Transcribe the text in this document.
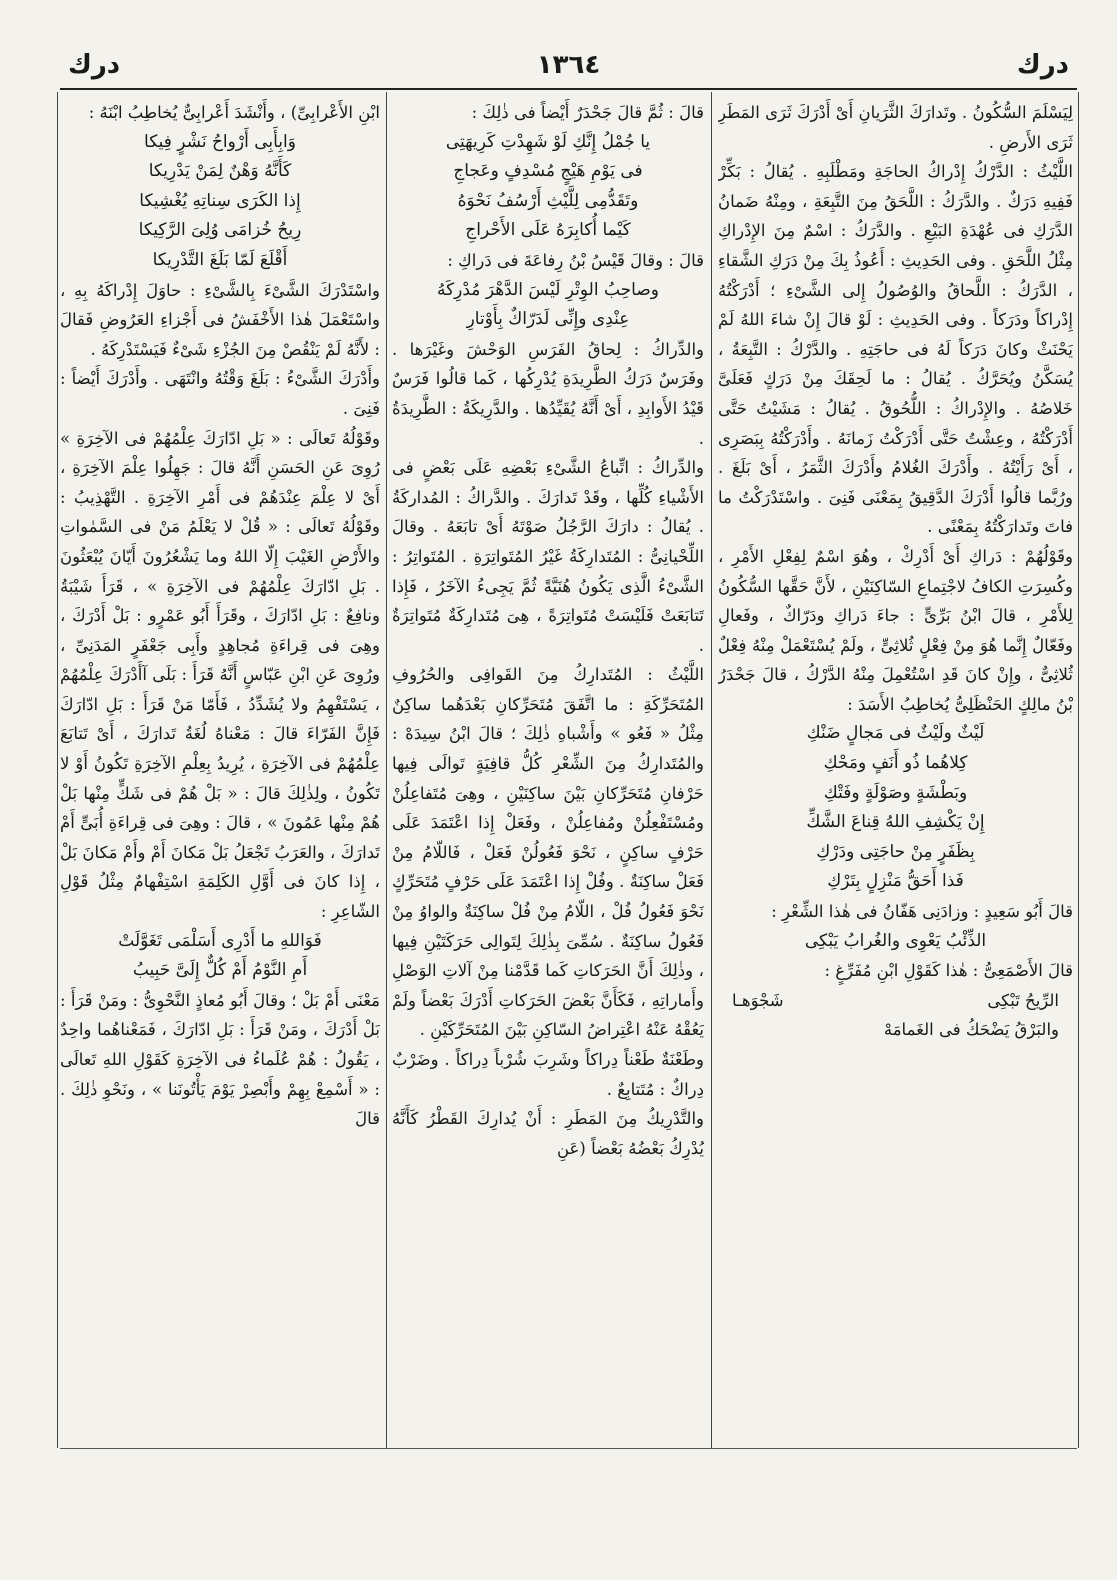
درك
١٣٦٤
درك

لِيَسْلَمَ السُّكُونُ . وتَدارَكَ الثَّرَيانِ أَىْ أَدْرَكَ ثَرَى المَطَرِ ثَرَى الأَرضِ .

اللَّيْثُ : الدَّرْكُ إِدْراكُ الحاجَةِ ومَطْلَبِهِ . يُقالُ : بَكِّرْ فَفِيهِ دَرَكٌ . والدَّرَكُ : اللَّحَقُ مِنَ التَّبِعَةِ ، ومِنْهُ ضَمانُ الدَّرَكِ فى عُهْدَةِ البَيْعِ . والدَّرَكُ : اسْمٌ مِنَ الإِدْراكِ مِثْلُ اللَّحَقِ . وفى الحَدِيثِ : أَعُوذُ بِكَ مِنْ دَرَكِ الشَّقاءِ ، الدَّرَكُ : اللَّحاقُ والوُصُولُ إِلى الشَّىْءِ ؛ أَدْرَكْتُهُ إِدْراكاً ودَرَكاً . وفى الحَدِيثِ : لَوْ قالَ إِنْ شاءَ اللهُ لَمْ يَحْنَثْ وكانَ دَرَكاً لَهُ فى حاجَتِهِ . والدَّرْكُ : التَّبِعَةُ ، يُسَكَّنُ ويُحَرَّكُ . يُقالُ : ما لَحِقَكَ مِنْ دَرَكٍ فَعَلَىَّ خَلاصُهُ . والإِدْراكُ : اللُّحُوقُ . يُقالُ : مَشَيْتُ حَتَّى أَدْرَكْتُهُ ، وعِشْتُ حَتَّى أَدْرَكْتُ زَمانَهُ . وأَدْرَكْتُهُ بِبَصَرِى ، أَىْ رَأَيْتُهُ . وأَدْرَكَ الغُلامُ وأَدْرَكَ الثَّمَرُ ، أَىْ بَلَغَ . ورُبَّما قالُوا أَدْرَكَ الدَّقِيقُ بِمَعْنَى فَنِىَ . واسْتَدْرَكْتُ ما فاتَ وتَدارَكْتُهُ بِمَعْنًى .

وقَوْلُهُمْ : دَراكِ أَىْ أَدْرِكْ ، وهُوَ اسْمٌ لِفِعْلِ الأَمْرِ ، وكُسِرَتِ الكافُ لاجْتِماعِ السّاكِنَيْنِ ، لأَنَّ حَقَّها السُّكُونُ لِلأَمْرِ ، قالَ ابْنُ بَرِّىٍّ : جاءَ دَراكِ ودَرّاكٌ ، وفَعالِ وفَعّالٌ إِنَّما هُوَ مِنْ فِعْلٍ ثُلاثِىٍّ ، ولَمْ يُسْتَعْمَلْ مِنْهُ فِعْلٌ ثُلاثِىٌّ ، وإِنْ كانَ قَدِ اسْتُعْمِلَ مِنْهُ الدَّرْكُ ، قالَ جَحْدَرُ بْنُ مالِكٍ الحَنْظَلِىُّ يُخاطِبُ الأَسَدَ :

لَيْثٌ ولَيْثٌ فى مَجالٍ ضَنْكِ

كِلاهُما ذُو أَنَفٍ ومَحْكِ

وبَطْشَةٍ وصَوْلَةٍ وفَتْكِ

إِنْ يَكْشِفِ اللهُ قِناعَ الشَّكِّ

بِظَفَرٍ مِنْ حاجَتِى ودَرْكِ

فَذا أَحَقُّ مَنْزِلٍ بِتَرْكِ

قالَ أَبُو سَعِيدٍ : وزادَنِى هَفّانُ فى هٰذا الشِّعْرِ :

الذِّئْبُ يَعْوِى والغُرابُ يَبْكِى

قالَ الأَصْمَعِىُّ : هٰذا كَقَوْلِ ابْنِ مُفَرِّغٍ :

الرِّيحُ تَبْكِى
شَجْوَهـا
والبَرْقُ يَضْحَكُ فى الغَمامَهْ

قالَ : ثُمَّ قالَ جَحْدَرٌ أَيْضاً فى ذٰلِكَ :

يا جُمْلُ إِنَّكِ لَوْ شَهِدْتِ كَرِيهَتِى

فى يَوْمِ هَيْجٍ مُسْدِفٍ وعَجاجِ

وتَقَدُّمِى لِلَّيْثِ أَرْسُفُ نَحْوَهُ

كَيْما أُكابِرَهُ عَلَى الأَحْراجِ

قالَ : وقالَ قَيْسُ بْنُ رِفاعَةَ فى دَراكِ :

وصاحِبُ الوِتْرِ لَيْسَ الدَّهْرَ مُدْرِكَهُ

عِنْدِى وإِنِّى لَدَرّاكٌ بِأَوْتارِ

والدِّراكُ : لِحاقُ الفَرَسِ الوَحْشَ وغَيْرَها . وفَرَسٌ دَرَكُ الطَّرِيدَةِ يُدْرِكُها ، كَما قالُوا فَرَسٌ قَيْدُ الأَوابِدِ ، أَىْ أَنَّهُ يُقَيِّدُها . والدَّرِيكَةُ : الطَّرِيدَةُ .

والدِّراكُ : اتِّباعُ الشَّىْءِ بَعْضِهِ عَلَى بَعْضٍ فى الأَشْياءِ كُلِّها ، وقَدْ تَدارَكَ . والدَّراكُ : المُداركَةُ . يُقالُ : دارَكَ الرَّجُلُ صَوْتَهُ أَىْ تابَعَهُ . وقالَ اللِّحْيانِىُّ : المُتَدارِكَةُ غَيْرُ المُتَواتِرَةِ . المُتَواتِرُ : الشَّىْءُ الَّذِى يَكُونُ هُنَيَّةً ثُمَّ يَجِىءُ الآخَرُ ، فَإِذا تَتابَعَتْ فَلَيْسَتْ مُتَواتِرَةً ، هِىَ مُتَدارِكَةٌ مُتَواتِرَةٌ .

اللَّيْثُ : المُتَدارِكُ مِنَ القَوافِى والحُرُوفِ المُتَحَرِّكَةِ : ما اتَّفَقَ مُتَحَرِّكانِ بَعْدَهُما ساكِنٌ مِثْلُ « فَعُو » وأَشْباهِ ذٰلِكَ ؛ قالَ ابْنُ سِيدَهْ : والمُتَدارِكُ مِنَ الشِّعْرِ كُلُّ قافِيَةٍ تَوالَى فِيها حَرْفانِ مُتَحَرِّكانِ بَيْنَ ساكِنَيْنِ ، وهِىَ مُتَفاعِلُنْ ومُسْتَفْعِلُنْ ومُفاعِلُنْ ، وفَعَلْ إِذا اعْتَمَدَ عَلَى حَرْفٍ ساكِنٍ ، نَحْوَ فَعُولُنْ فَعَلْ ، فَاللّامُ مِنْ فَعَلْ ساكِنَةٌ . وفُلْ إِذا اعْتَمَدَ عَلَى حَرْفٍ مُتَحَرِّكٍ نَحْوَ فَعُولُ فُلْ ، اللّامُ مِنْ فُلْ ساكِنَةٌ والواوُ مِنْ فَعُولُ ساكِنَةٌ . سُمِّىَ بِذٰلِكَ لِتَوالِى حَرَكَتَيْنِ فِيها ، وذٰلِكَ أَنَّ الحَرَكاتِ كَما قَدَّمْنا مِنْ آلاتِ الوَصْلِ وأَماراتِهِ ، فَكَأَنَّ بَعْضَ الحَرَكاتِ أَدْرَكَ بَعْضاً ولَمْ يَعُقْهُ عَنْهُ اعْتِراضُ السّاكِنِ بَيْنَ المُتَحَرِّكَيْنِ .

وطَعْنَةٌ طَعْناً دِراكاً وشَرِبَ شُرْباً دِراكاً . وضَرْبٌ دِراكٌ : مُتَتابِعٌ .

والتَّدْرِيكُ مِنَ المَطَرِ : أَنْ يُدارِكَ القَطْرُ كَأَنَّهُ يُدْرِكُ بَعْضُهُ بَعْضاً (عَنِ

ابْنِ الأَعْرابِىِّ) ، وأَنْشَدَ أَعْرابِىٌّ يُخاطِبُ ابْنَهُ :

وَابِأَبِى أَرْواحُ نَشْرٍ فِيكا

كَأَنَّهُ وَهْنٌ لِمَنْ يَدْرِيكا

إِذا الكَرَى سِناتِهِ يُغْشِيكا

رِيحُ خُزامَى وُلِىَ الرَّكِيكا

أَقْلَعَ لَمّا بَلَغَ التَّدْرِيكا

واسْتَدْرَكَ الشَّىْءَ بِالشَّىْءِ : حاوَلَ إِدْراكَهُ بِهِ ، واسْتَعْمَلَ هٰذا الأَخْفَشُ فى أَجْزاءِ العَرُوضِ فَقالَ : لأَنَّهُ لَمْ يَنْقُصْ مِنَ الجُزْءِ شَىْءٌ فَيَسْتَدْرِكَهُ .

وأَدْرَكَ الشَّىْءُ : بَلَغَ وَقْتُهُ وانْتَهَى . وأَدْرَكَ أَيْضاً : فَنِىَ .

وقَوْلُهُ تَعالَى : « بَلِ ادّارَكَ عِلْمُهُمْ فى الآخِرَةِ » رُوِىَ عَنِ الحَسَنِ أَنَّهُ قالَ : جَهِلُوا عِلْمَ الآخِرَةِ ، أَىْ لا عِلْمَ عِنْدَهُمْ فى أَمْرِ الآخِرَةِ . التَّهْذِيبُ : وقَوْلُهُ تَعالَى : « قُلْ لا يَعْلَمُ مَنْ فى السَّمٰواتِ والأَرْضِ الغَيْبَ إِلّا اللهُ وما يَشْعُرُونَ أَيّانَ يُبْعَثُونَ . بَلِ ادّارَكَ عِلْمُهُمْ فى الآخِرَةِ » ، قَرَأَ شَيْبَةُ ونافِعٌ : بَلِ ادّارَكَ ، وقَرَأَ أَبُو عَمْرٍو : بَلْ أَدْرَكَ ، وهِىَ فى قِراءَةِ مُجاهِدٍ وأَبِى جَعْفَرٍ المَدَنِىِّ ، ورُوِىَ عَنِ ابْنِ عَبّاسٍ أَنَّهُ قَرَأَ : بَلَى آأَدْرَكَ عِلْمُهُمْ ، يَسْتَفْهِمُ ولا يُشَدِّدُ ، فَأَمّا مَنْ قَرَأَ : بَلِ ادّارَكَ فَإِنَّ الفَرّاءَ قالَ : مَعْناهُ لُغَةُ تَدارَكَ ، أَىْ تَتابَعَ عِلْمُهُمْ فى الآخِرَةِ ، يُرِيدُ بِعِلْمِ الآخِرَةِ تَكُونُ أَوْ لا تَكُونُ ، ولِذٰلِكَ قالَ : « بَلْ هُمْ فى شَكٍّ مِنْها بَلْ هُمْ مِنْها عَمُونَ » ، قالَ : وهِىَ فى قِراءَةِ أُبَىٍّ أَمْ تَدارَكَ ، والعَرَبُ تَجْعَلُ بَلْ مَكانَ أَمْ وأَمْ مَكانَ بَلْ ، إِذا كانَ فى أَوَّلِ الكَلِمَةِ اسْتِفْهامٌ مِثْلُ قَوْلِ الشّاعِرِ :

فَوَاللهِ ما أَدْرِى أَسَلْمَى تَغَوَّلَتْ

أَمِ النَّوْمُ أَمْ كُلٌّ إِلَىَّ حَبِيبُ

مَعْنَى أَمْ بَلْ ؛ وقالَ أَبُو مُعاذٍ النَّحْوِىُّ : ومَنْ قَرَأَ : بَلْ أَدْرَكَ ، ومَنْ قَرَأَ : بَلِ ادّارَكَ ، فَمَعْناهُما واحِدٌ ، يَقُولُ : هُمْ عُلَماءُ فى الآخِرَةِ كَقَوْلِ اللهِ تَعالَى : « أَسْمِعْ بِهِمْ وأَبْصِرْ يَوْمَ يَأْتُونَنا » ، ونَحْوِ ذٰلِكَ . قالَ
